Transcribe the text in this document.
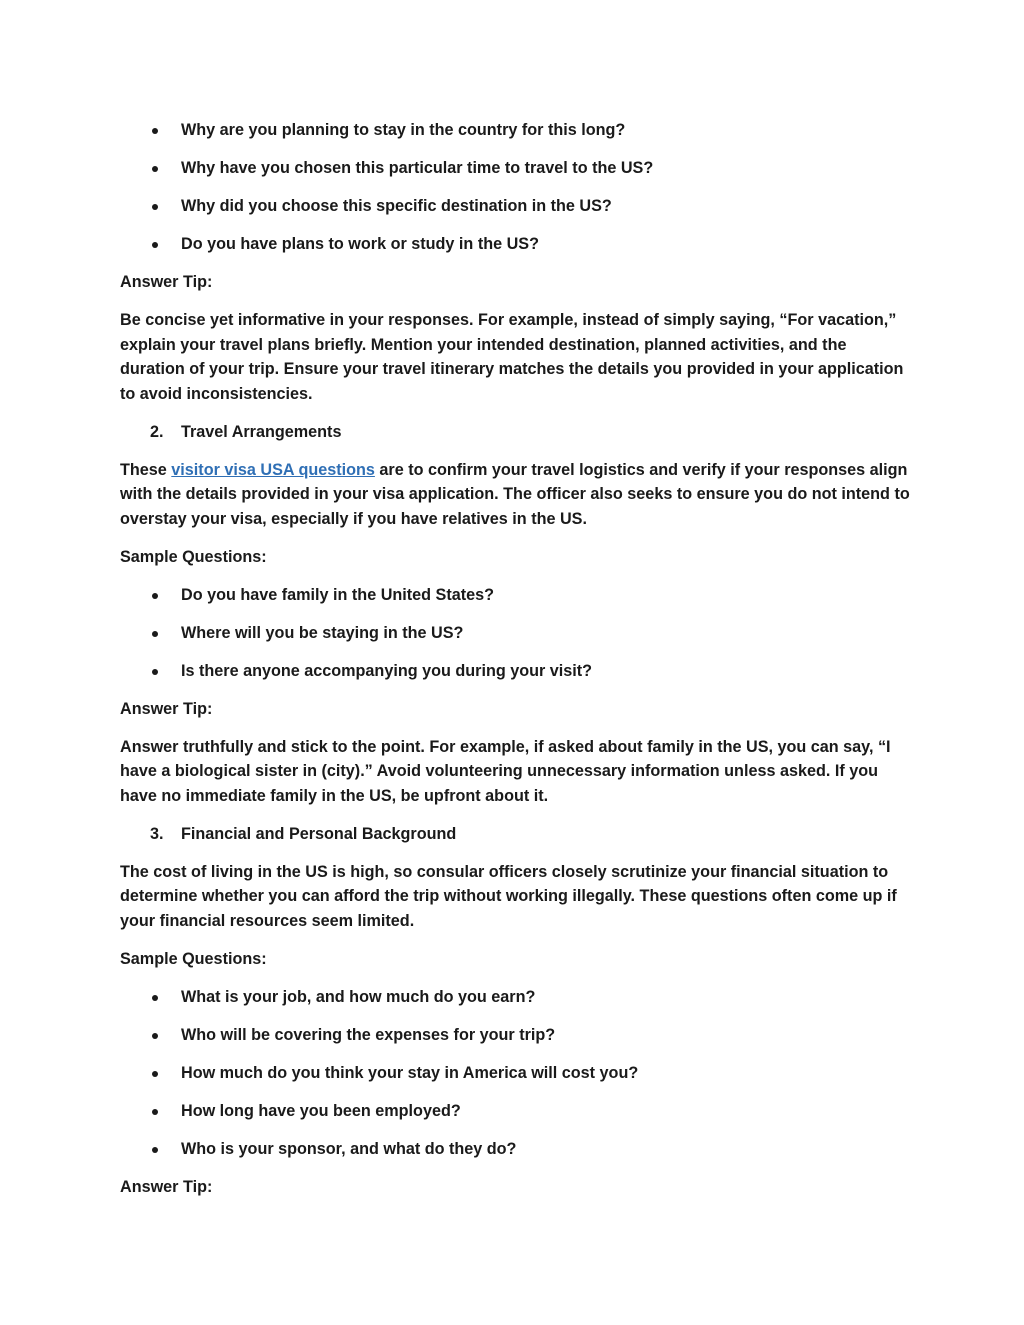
Why are you planning to stay in the country for this long?
Why have you chosen this particular time to travel to the US?
Why did you choose this specific destination in the US?
Do you have plans to work or study in the US?

Answer Tip:

Be concise yet informative in your responses. For example, instead of simply saying, “For vacation,” explain your travel plans briefly. Mention your intended destination, planned activities, and the duration of your trip. Ensure your travel itinerary matches the details you provided in your application to avoid inconsistencies.

2. Travel Arrangements

These visitor visa USA questions are to confirm your travel logistics and verify if your responses align with the details provided in your visa application. The officer also seeks to ensure you do not intend to overstay your visa, especially if you have relatives in the US.

Sample Questions:

Do you have family in the United States?
Where will you be staying in the US?
Is there anyone accompanying you during your visit?

Answer Tip:

Answer truthfully and stick to the point. For example, if asked about family in the US, you can say, “I have a biological sister in (city).” Avoid volunteering unnecessary information unless asked. If you have no immediate family in the US, be upfront about it.

3. Financial and Personal Background

The cost of living in the US is high, so consular officers closely scrutinize your financial situation to determine whether you can afford the trip without working illegally. These questions often come up if your financial resources seem limited.

Sample Questions:

What is your job, and how much do you earn?
Who will be covering the expenses for your trip?
How much do you think your stay in America will cost you?
How long have you been employed?
Who is your sponsor, and what do they do?

Answer Tip:
